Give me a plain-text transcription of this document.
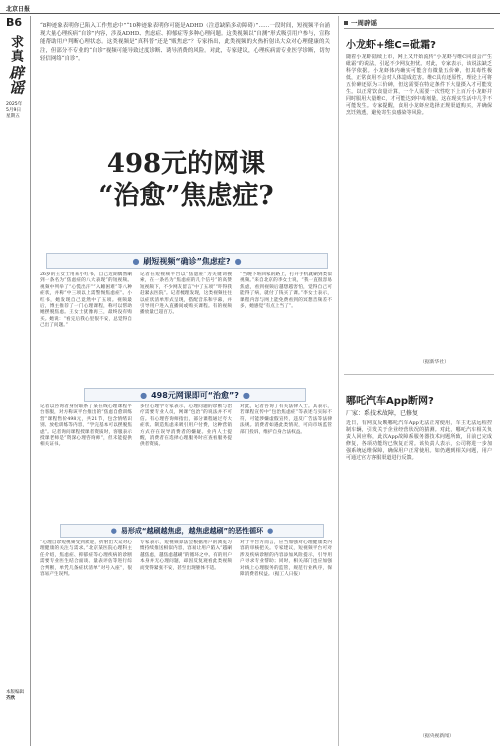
北京日报
B6
求真
辟谣
2025年
5月9日
星期五
本版编辑
齐欣
“8种迹象表明你已陷入工作焦虑中”“10种迹象表明你可能是ADHD（注意缺陷多动障碍）”……一段时间，短视频平台涌现大量心理疾病“自诊”内容，涉及ADHD、焦虑症、抑郁症等多种心理问题。这类视频以“自测”形式吸引用户参与，宣称能帮助用户判断心理状态。这类视频是“真科普”还是“贩焦虑”？专家指出，此类视频的火热折射出大众对心理健康的关注，但部分不专业的“自诊”视频可能导致过度诊断、诱导消费的风险。对此，专家建议，心理疾病需专业医学诊断，切勿轻信网络“自诊”。
498元的网课
“治愈”焦虑症?
● 刷短视频“确诊”焦虑症? ●
26岁的王女士用来小红书，自己近期偶然刷到一条名为“焦虑症的八大表现”的短视频。视频中列举了“心慌出汗”“入睡困难”等八种症状，并称“中三项以上需警惕焦虑症”。小红书，她发现自己竟然中了五项。视频最后，博主推荐了一门心理课程，称可以帮助她摆脱焦虑。王女士犹豫再三，最终没有购买。她说：“看完后我心里很不安，总觉得自己出了问题。”
记者在短视频平台以“焦虑症”为关键词搜索，在一条名为“焦虑症的几个信号”的高赞短视频下，不少网友留言“中了五项”“吓得我赶紧去医院”。记者梳理发现，这类视频往往以症状清单形式呈现，搭配音乐和字幕，并引导用户进入直播间或购买课程。有的视频播放量已超百万。
“当晚下班回家的路上，打开手机就刷到类似视频。”来自北京的李女士说，“我一直很容易焦虑，看到视频后越想越害怕，觉得自己可能得了病，就付了钱买了课。”李女士表示，课程内容与网上能免费看到的冥想音频差不多，她感觉“有点上当了”。
● 498元网课即可“治愈”? ●
记者以咨询者身份联系了某在线心理课程平台客服，对方称该平台推出的“焦虑自愈训练营”课程售价498元，共21节，包含情绪识别、放松训练等内容，“学完基本可以摆脱焦虑”。记者询问课程授课者资质时，客服表示授课老师是“资深心理咨询师”，但未能提供相关证书。
多位心理学专家表示，心理问题的诊断与治疗需要专业人员，网课“包治”的说法并不可信。有心理咨询师指出，部分课程通过夸大症状、制造焦虑来吸引用户付费，这种营销方式存在误导消费者的嫌疑。业内人士提醒，消费者在选择心理服务时应查看服务提供者资质。
对此，记者咨询了有关法律人士。其表示，若课程宣传中“包治焦虑症”等表述与实际不符，可能涉嫌虚假宣传，违反广告法等法律法规。消费者如遇此类情况，可向市场监管部门投诉，维护自身合法权益。
● 易形成“越刷越焦虑，越焦虑越刷”的恶性循环 ●
“心理自诊短视频受到欢迎，折射出大众对心理健康的关注与需求。”北京某医院心理科主任介绍，焦虑症、抑郁症等心理疾病的诊断需要专业医生结合面谈、量表评估等进行综合判断，单凭几条症状清单“对号入座”，很容易产生误判。
专家表示，短视频算法会根据用户的浏览习惯持续推送相似内容，容易让用户陷入“越刷越焦虑，越焦虑越刷”的循环之中。有的用户本身并无心理问题，却因反复观看此类视频而变得紧张不安，甚至出现躯体不适。
对于平台方而言，应当加强对心理健康类内容的审核把关。专家建议，短视频平台可对涉及疾病诊断的内容添加风险提示，引导用户寻求专业帮助；同时，相关部门也应加强对线上心理服务的监管，规范行业秩序，保障消费者权益。（据工人日报）
一周辟谣
小龙虾+维C=砒霜?
随着小龙虾陆续上市，网上又开始流传“小龙虾与维C同食会产生砒霜”的说法，引起不少网友担忧。对此，专家表示，该说法缺乏科学依据。小龙虾体内确实可能含有微量五价砷，但其毒性极低，正常食用不会对人体造成危害。维C具有还原性，理论上可将五价砷还原为三价砷，但这需要在特定条件下大量摄入才可能发生。以正常饮食量计算，一个人需要一次性吃下上百斤小龙虾并同时服用大量维C，才可能达到中毒剂量，这在现实生活中几乎不可能发生。专家提醒，食用小龙虾应选择正规渠道购买，并确保烹饪熟透，避免寄生虫感染等风险。
（据新华社）
哪吒汽车App断网?
厂家：系技术故障，已修复
近日，有网友反映哪吒汽车App无法正常使用，车主无法远程控制车辆，引发关于企业经营状况的猜测。对此，哪吒汽车相关负责人回应称，此次App故障系服务器技术问题所致，目前已完成修复，各项功能均已恢复正常。该负责人表示，公司将进一步加强系统运维保障，确保用户正常使用。如仍遇到相关问题，用户可通过官方客服渠道进行反馈。
（据央视新闻）
